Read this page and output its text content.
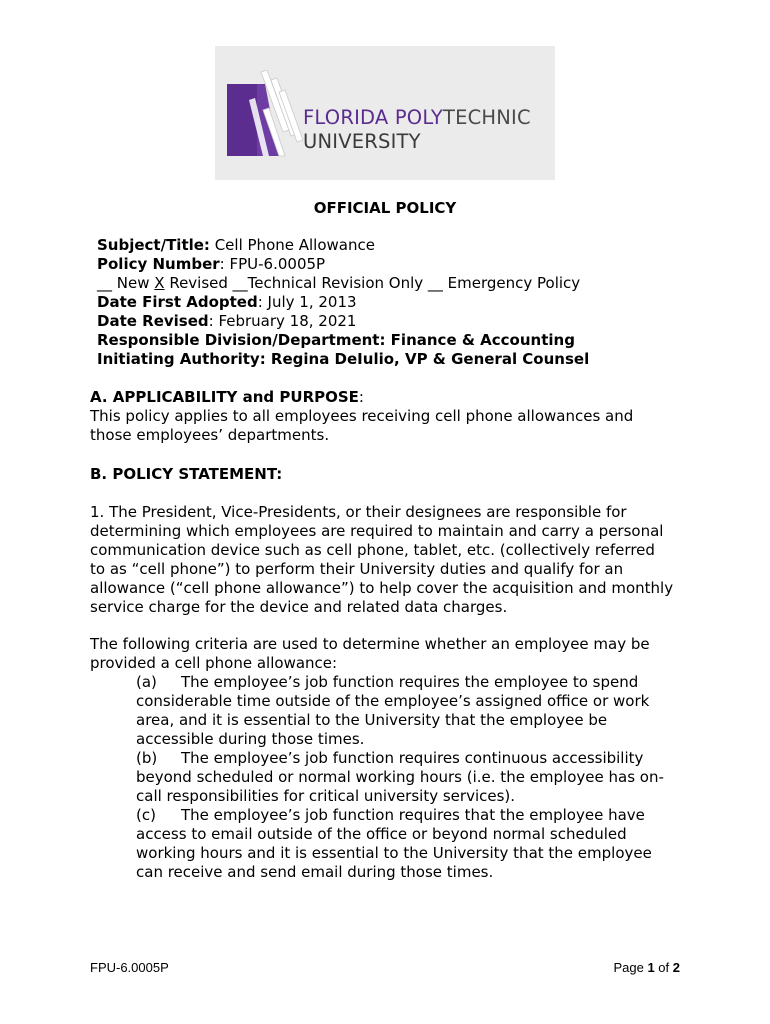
FLORIDA POLYTECHNIC
UNIVERSITY
OFFICIAL POLICY
Subject/Title: Cell Phone Allowance
Policy Number: FPU-6.0005P
__ New X Revised __Technical Revision Only __ Emergency Policy
Date First Adopted: July 1, 2013
Date Revised: February 18, 2021
Responsible Division/Department: Finance & Accounting
Initiating Authority: Regina DeIulio, VP & General Counsel
A. APPLICABILITY and PURPOSE:
This policy applies to all employees receiving cell phone allowances and
those employees’ departments.
B. POLICY STATEMENT:
1. The President, Vice-Presidents, or their designees are responsible for
determining which employees are required to maintain and carry a personal
communication device such as cell phone, tablet, etc. (collectively referred
to as “cell phone”) to perform their University duties and qualify for an
allowance (“cell phone allowance”) to help cover the acquisition and monthly
service charge for the device and related data charges.
The following criteria are used to determine whether an employee may be
provided a cell phone allowance:
(a) The employee’s job function requires the employee to spend
considerable time outside of the employee’s assigned office or work
area, and it is essential to the University that the employee be
accessible during those times.
(b) The employee’s job function requires continuous accessibility
beyond scheduled or normal working hours (i.e. the employee has on-
call responsibilities for critical university services).
(c) The employee’s job function requires that the employee have
access to email outside of the office or beyond normal scheduled
working hours and it is essential to the University that the employee
can receive and send email during those times.
FPU-6.0005P	Page 1 of 2
